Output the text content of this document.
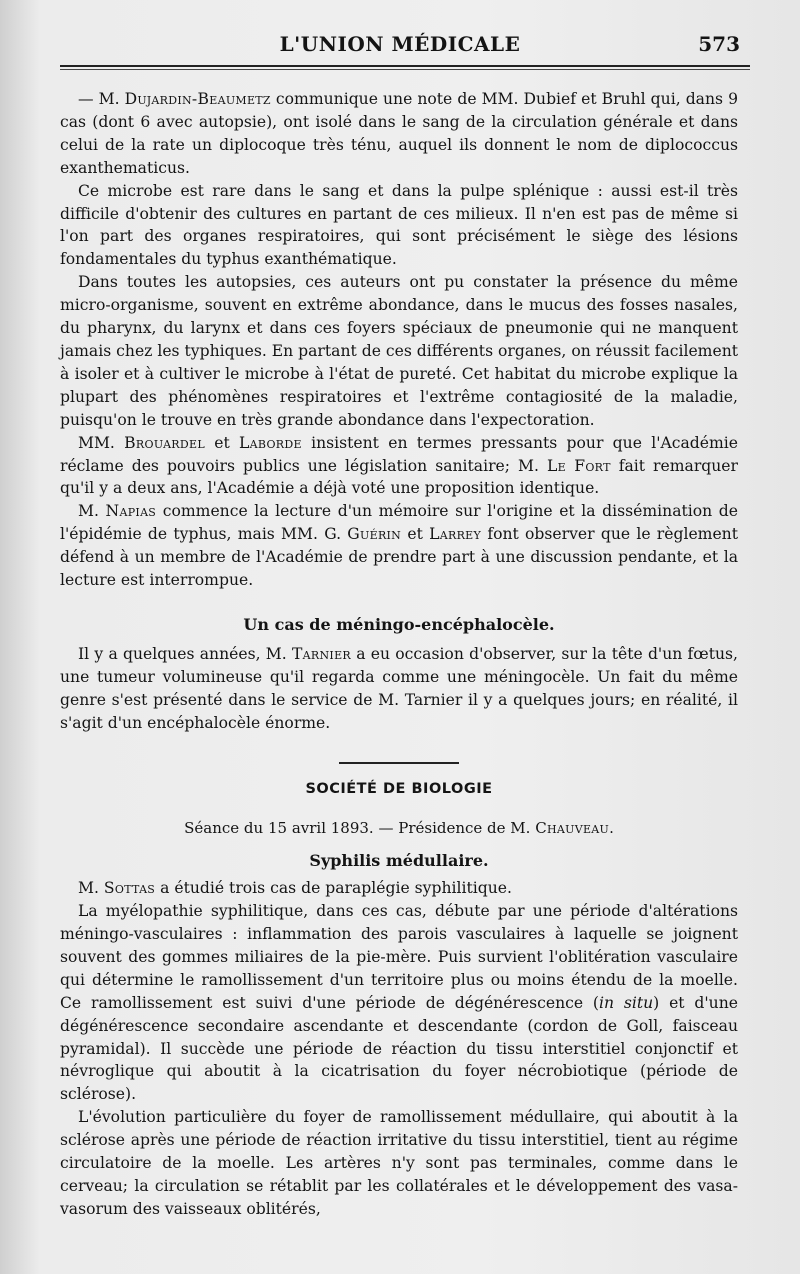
L'UNION MÉDICALE	573

— M. Dujardin-Beaumetz communique une note de MM. Dubief et Bruhl qui, dans 9 cas (dont 6 avec autopsie), ont isolé dans le sang de la circulation générale et dans celui de la rate un diplocoque très ténu, auquel ils donnent le nom de diplococcus exanthematicus.

Ce microbe est rare dans le sang et dans la pulpe splénique : aussi est-il très difficile d'obtenir des cultures en partant de ces milieux. Il n'en est pas de même si l'on part des organes respiratoires, qui sont précisément le siège des lésions fondamentales du typhus exanthématique.

Dans toutes les autopsies, ces auteurs ont pu constater la présence du même micro-organisme, souvent en extrême abondance, dans le mucus des fosses nasales, du pharynx, du larynx et dans ces foyers spéciaux de pneumonie qui ne manquent jamais chez les typhiques. En partant de ces différents organes, on réussit facilement à isoler et à cultiver le microbe à l'état de pureté. Cet habitat du microbe explique la plupart des phénomènes respiratoires et l'extrême contagiosité de la maladie, puisqu'on le trouve en très grande abondance dans l'expectoration.

MM. Brouardel et Laborde insistent en termes pressants pour que l'Académie réclame des pouvoirs publics une législation sanitaire; M. Le Fort fait remarquer qu'il y a deux ans, l'Académie a déjà voté une proposition identique.

M. Napias commence la lecture d'un mémoire sur l'origine et la dissémination de l'épidémie de typhus, mais MM. G. Guérin et Larrey font observer que le règlement défend à un membre de l'Académie de prendre part à une discussion pendante, et la lecture est interrompue.

Un cas de méningo-encéphalocèle.

Il y a quelques années, M. Tarnier a eu occasion d'observer, sur la tête d'un fœtus, une tumeur volumineuse qu'il regarda comme une méningocèle. Un fait du même genre s'est présenté dans le service de M. Tarnier il y a quelques jours; en réalité, il s'agit d'un encéphalocèle énorme.

SOCIÉTÉ DE BIOLOGIE
Séance du 15 avril 1893. — Présidence de M. Chauveau.

Syphilis médullaire.

M. Sottas a étudié trois cas de paraplégie syphilitique.

La myélopathie syphilitique, dans ces cas, débute par une période d'altérations méningo-vasculaires : inflammation des parois vasculaires à laquelle se joignent souvent des gommes miliaires de la pie-mère. Puis survient l'oblitération vasculaire qui détermine le ramollissement d'un territoire plus ou moins étendu de la moelle. Ce ramollissement est suivi d'une période de dégénérescence (in situ) et d'une dégénérescence secondaire ascendante et descendante (cordon de Goll, faisceau pyramidal). Il succède une période de réaction du tissu interstitiel conjonctif et névroglique qui aboutit à la cicatrisation du foyer nécrobiotique (période de sclérose).

L'évolution particulière du foyer de ramollissement médullaire, qui aboutit à la sclérose après une période de réaction irritative du tissu interstitiel, tient au régime circulatoire de la moelle. Les artères n'y sont pas terminales, comme dans le cerveau; la circulation se rétablit par les collatérales et le développement des vasa-vasorum des vaisseaux oblitérés,
